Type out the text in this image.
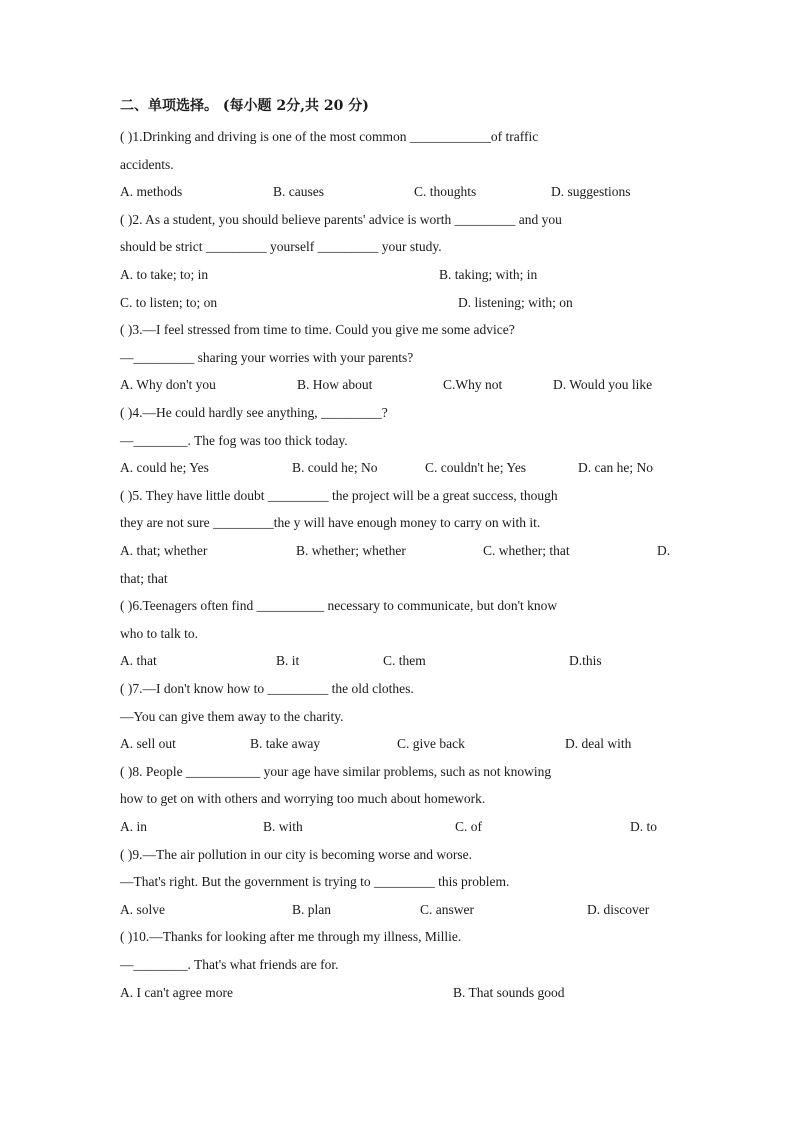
二、单项选择。 (每小题 2分,共 20 分)
( )1.Drinking and driving is one of the most common ____________of traffic
accidents.
A. methods	B. causes	C. thoughts	D. suggestions
( )2. As a student, you should believe parents' advice is worth _________ and you
should be strict _________ yourself _________ your study.
A. to take; to; in	B. taking; with; in
C. to listen; to; on	D. listening; with; on
( )3.—I feel stressed from time to time. Could you give me some advice?
—_________ sharing your worries with your parents?
A. Why don't you	B. How about	C.Why not	D. Would you like
( )4.—He could hardly see anything, _________?
—________. The fog was too thick today.
A. could he; Yes	B. could he; No	C. couldn't he; Yes	D. can he; No
( )5. They have little doubt _________ the project will be a great success, though
they are not sure _________the y will have enough money to carry on with it.
A. that; whether	B. whether; whether	C. whether; that	D.
that; that
( )6.Teenagers often find __________ necessary to communicate, but don't know
who to talk to.
A. that	B. it	C. them	D.this
( )7.—I don't know how to _________ the old clothes.
—You can give them away to the charity.
A. sell out	B. take away	C. give back	D. deal with
( )8. People ___________ your age have similar problems, such as not knowing
how to get on with others and worrying too much about homework.
A. in	B. with	C. of	D. to
( )9.—The air pollution in our city is becoming worse and worse.
—That's right. But the government is trying to _________ this problem.
A. solve	B. plan	C. answer	D. discover
( )10.—Thanks for looking after me through my illness, Millie.
—________. That's what friends are for.
A. I can't agree more	B. That sounds good
